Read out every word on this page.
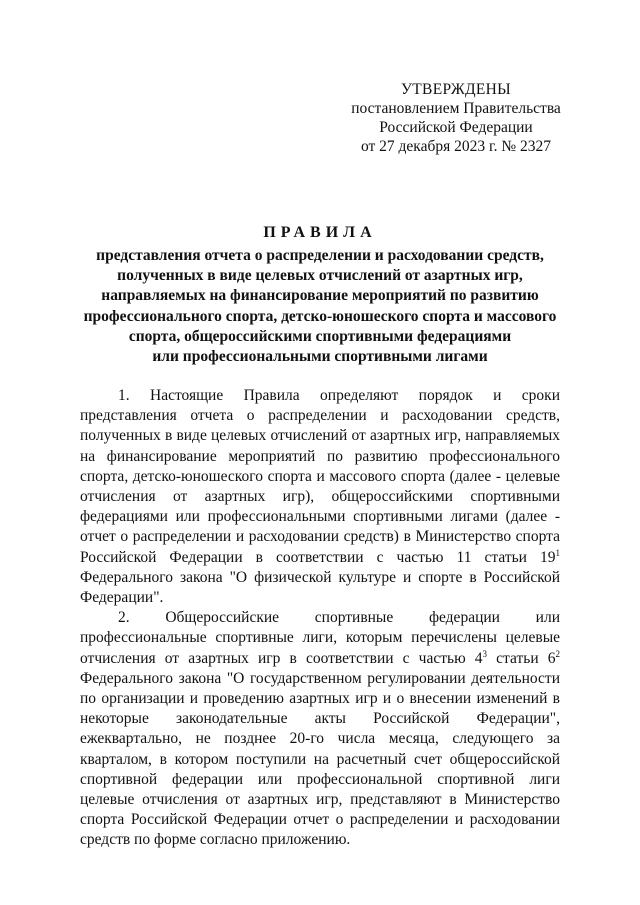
УТВЕРЖДЕНЫ
постановлением Правительства
Российской Федерации
от 27 декабря 2023 г. № 2327
ПРАВИЛА
представления отчета о распределении и расходовании средств,
полученных в виде целевых отчислений от азартных игр,
направляемых на финансирование мероприятий по развитию
профессионального спорта, детско-юношеского спорта и массового
спорта, общероссийскими спортивными федерациями
или профессиональными спортивными лигами

1. Настоящие Правила определяют порядок и сроки представления отчета о распределении и расходовании средств, полученных в виде целевых отчислений от азартных игр, направляемых на финансирование мероприятий по развитию профессионального спорта, детско-юношеского спорта и массового спорта (далее - целевые отчисления от азартных игр), общероссийскими спортивными федерациями или профессиональными спортивными лигами (далее - отчет о распределении и расходовании средств) в Министерство спорта Российской Федерации в соответствии с частью 11 статьи $19^1$ Федерального закона "О физической культуре и спорте в Российской Федерации".

2. Общероссийские спортивные федерации или профессиональные спортивные лиги, которым перечислены целевые отчисления от азартных игр в соответствии с частью $4^3$ статьи $6^2$ Федерального закона "О государственном регулировании деятельности по организации и проведению азартных игр и о внесении изменений в некоторые законодательные акты Российской Федерации", ежеквартально, не позднее 20-го числа месяца, следующего за кварталом, в котором поступили на расчетный счет общероссийской спортивной федерации или профессиональной спортивной лиги целевые отчисления от азартных игр, представляют в Министерство спорта Российской Федерации отчет о распределении и расходовании средств по форме согласно приложению.
